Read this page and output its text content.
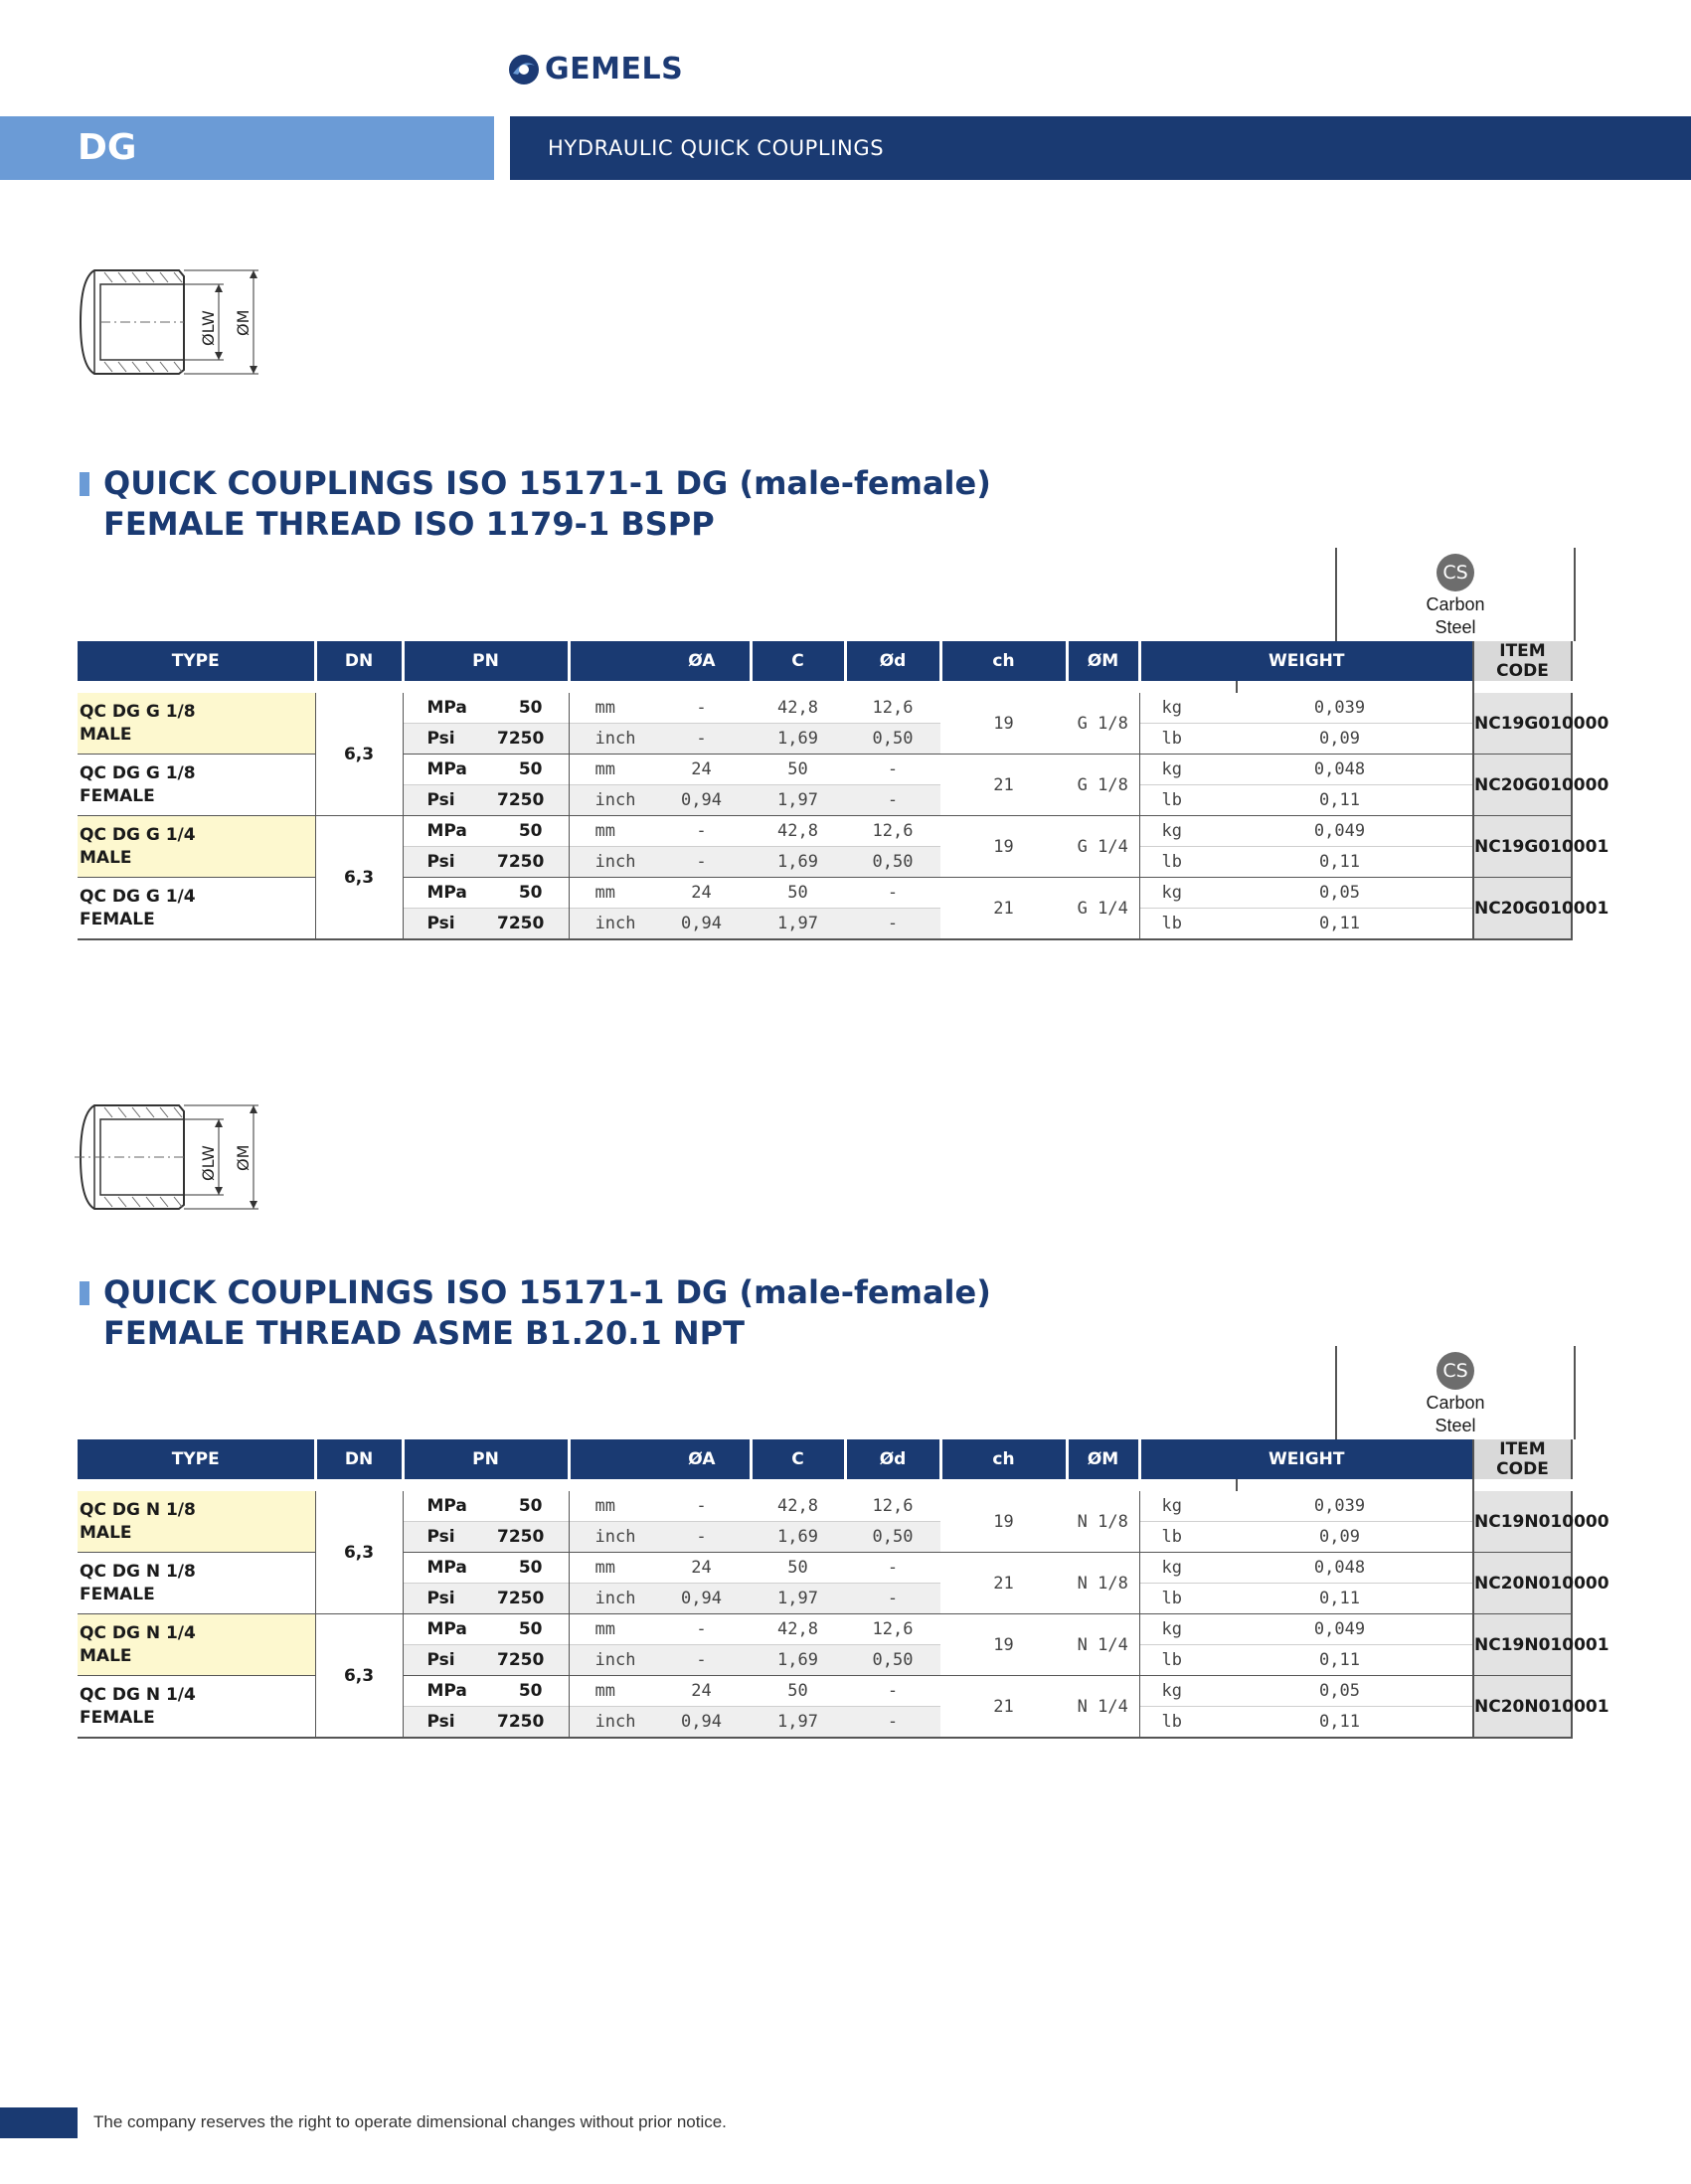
GEMELS
DG	HYDRAULIC QUICK COUPLINGS
ØLW ØM
QUICK COUPLINGS ISO 15171-1 DG (male-female)
FEMALE THREAD ISO 1179-1 BSPP
CS
Carbon
Steel
TYPE	DN	PN		ØA		C	Ød	ch	ØM	WEIGHT		ITEM CODE

QC DG G 1/8
MALE	6,3	MPa	50	mm	-	42,8	12,6	19	G 1/8	kg	0,039	NC19G010000
		Psi	7250	inch	-	1,69	0,50			lb	0,09	

QC DG G 1/8
FEMALE		MPa	50	mm	24	50	-	21	G 1/8	kg	0,048	NC20G010000
		Psi	7250	inch	0,94	1,97	-			lb	0,11	

QC DG G 1/4
MALE	6,3	MPa	50	mm	-	42,8	12,6	19	G 1/4	kg	0,049	NC19G010001
		Psi	7250	inch	-	1,69	0,50			lb	0,11	

QC DG G 1/4
FEMALE		MPa	50	mm	24	50	-	21	G 1/4	kg	0,05	NC20G010001
		Psi	7250	inch	0,94	1,97	-			lb	0,11	
ØLW ØM
QUICK COUPLINGS ISO 15171-1 DG (male-female)
FEMALE THREAD ASME B1.20.1 NPT
CS
Carbon
Steel
TYPE	DN	PN		ØA		C	Ød	ch	ØM	WEIGHT		ITEM CODE

QC DG N 1/8
MALE	6,3	MPa	50	mm	-	42,8	12,6	19	N 1/8	kg	0,039	NC19N010000
		Psi	7250	inch	-	1,69	0,50			lb	0,09	

QC DG N 1/8
FEMALE		MPa	50	mm	24	50	-	21	N 1/8	kg	0,048	NC20N010000
		Psi	7250	inch	0,94	1,97	-			lb	0,11	

QC DG N 1/4
MALE	6,3	MPa	50	mm	-	42,8	12,6	19	N 1/4	kg	0,049	NC19N010001
		Psi	7250	inch	-	1,69	0,50			lb	0,11	

QC DG N 1/4
FEMALE		MPa	50	mm	24	50	-	21	N 1/4	kg	0,05	NC20N010001
		Psi	7250	inch	0,94	1,97	-			lb	0,11	
The company reserves the right to operate dimensional changes without prior notice.
